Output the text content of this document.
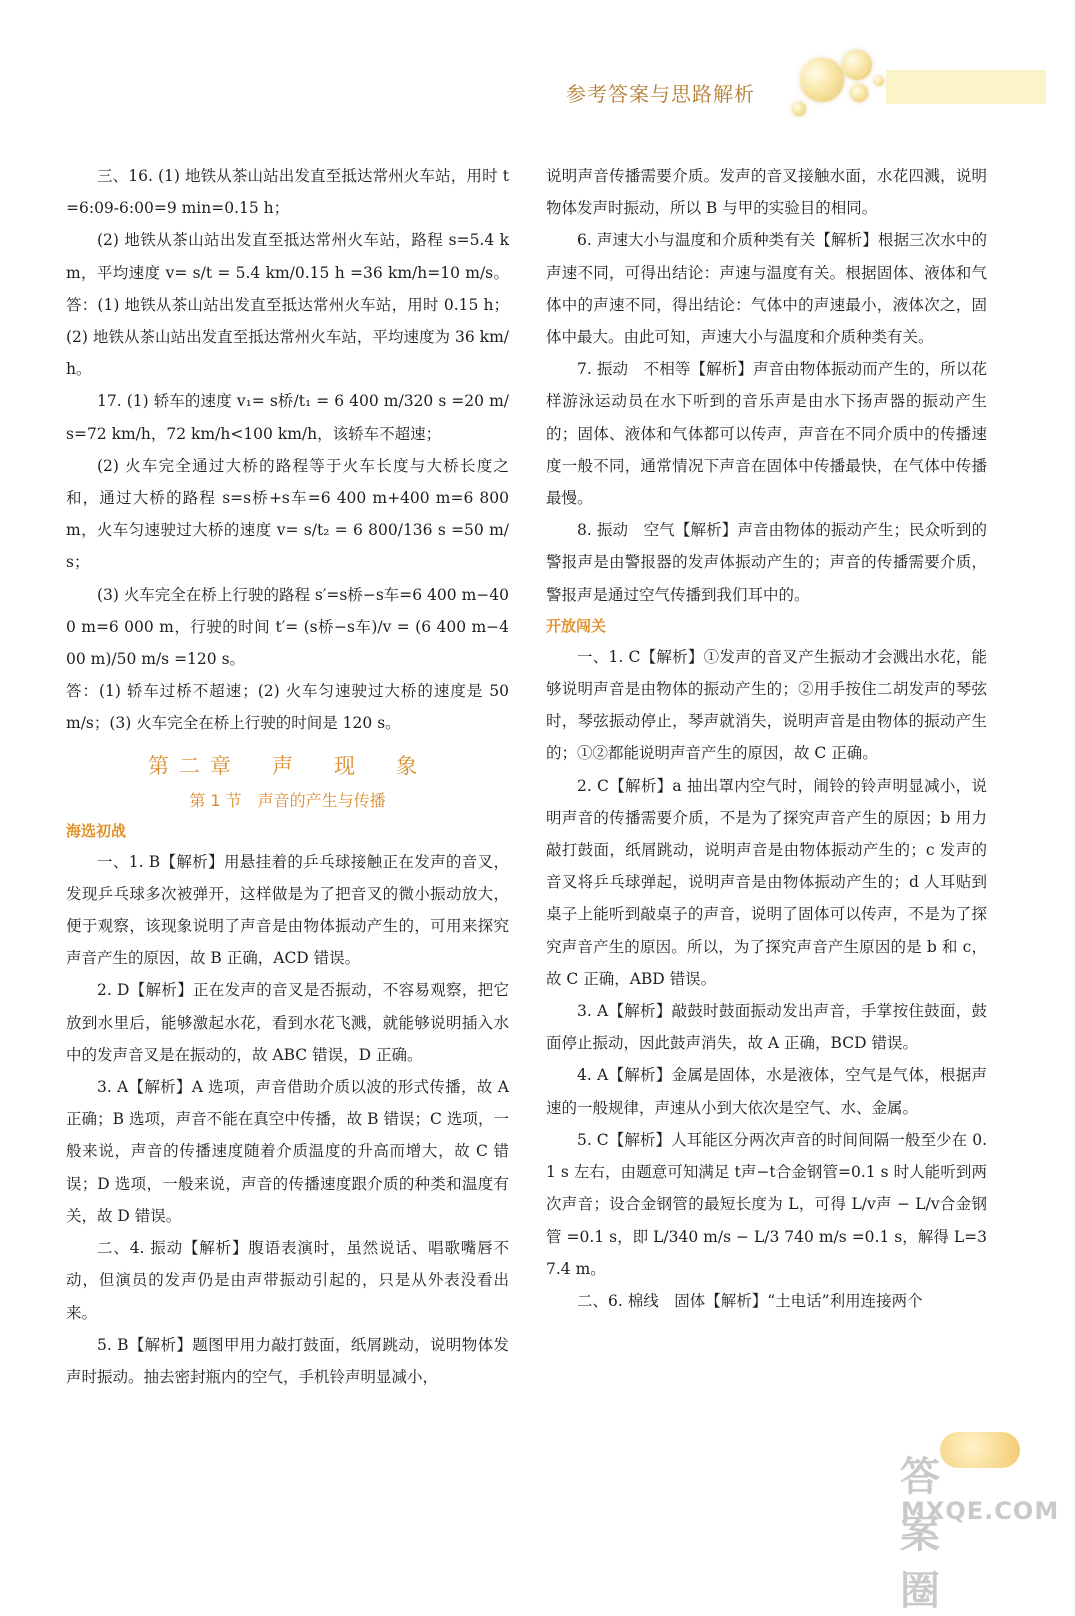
参考答案与思路解析

三、16. (1) 地铁从茶山站出发直至抵达常州火车站，用时 t=6:09-6:00=9 min=0.15 h；

(2) 地铁从茶山站出发直至抵达常州火车站，路程 s=5.4 km，平均速度 v= s/t = 5.4 km/0.15 h =36 km/h=10 m/s。答：(1) 地铁从茶山站出发直至抵达常州火车站，用时 0.15 h；(2) 地铁从茶山站出发直至抵达常州火车站，平均速度为 36 km/h。

17. (1) 轿车的速度 v₁= s桥/t₁ = 6 400 m/320 s =20 m/s=72 km/h，72 km/h<100 km/h，该轿车不超速；

(2) 火车完全通过大桥的路程等于火车长度与大桥长度之和，通过大桥的路程 s=s桥+s车=6 400 m+400 m=6 800 m，火车匀速驶过大桥的速度 v= s/t₂ = 6 800/136 s =50 m/s；

(3) 火车完全在桥上行驶的路程 s′=s桥−s车=6 400 m−400 m=6 000 m，行驶的时间 t′= (s桥−s车)/v = (6 400 m−400 m)/50 m/s =120 s。

答：(1) 轿车过桥不超速；(2) 火车匀速驶过大桥的速度是 50 m/s；(3) 火车完全在桥上行驶的时间是 120 s。

第二章　声　现　象
第 1 节　声音的产生与传播
海选初战

一、1. B【解析】用悬挂着的乒乓球接触正在发声的音叉，发现乒乓球多次被弹开，这样做是为了把音叉的微小振动放大，便于观察，该现象说明了声音是由物体振动产生的，可用来探究声音产生的原因，故 B 正确，ACD 错误。

2. D【解析】正在发声的音叉是否振动，不容易观察，把它放到水里后，能够激起水花，看到水花飞溅，就能够说明插入水中的发声音叉是在振动的，故 ABC 错误，D 正确。

3. A【解析】A 选项，声音借助介质以波的形式传播，故 A 正确；B 选项，声音不能在真空中传播，故 B 错误；C 选项，一般来说，声音的传播速度随着介质温度的升高而增大，故 C 错误；D 选项，一般来说，声音的传播速度跟介质的种类和温度有关，故 D 错误。

二、4. 振动【解析】腹语表演时，虽然说话、唱歌嘴唇不动，但演员的发声仍是由声带振动引起的，只是从外表没看出来。

5. B【解析】题图甲用力敲打鼓面，纸屑跳动，说明物体发声时振动。抽去密封瓶内的空气，手机铃声明显减小，

说明声音传播需要介质。发声的音叉接触水面，水花四溅，说明物体发声时振动，所以 B 与甲的实验目的相同。

6. 声速大小与温度和介质种类有关【解析】根据三次水中的声速不同，可得出结论：声速与温度有关。根据固体、液体和气体中的声速不同，得出结论：气体中的声速最小，液体次之，固体中最大。由此可知，声速大小与温度和介质种类有关。

7. 振动　不相等【解析】声音由物体振动而产生的，所以花样游泳运动员在水下听到的音乐声是由水下扬声器的振动产生的；固体、液体和气体都可以传声，声音在不同介质中的传播速度一般不同，通常情况下声音在固体中传播最快，在气体中传播最慢。

8. 振动　空气【解析】声音由物体的振动产生；民众听到的警报声是由警报器的发声体振动产生的；声音的传播需要介质，警报声是通过空气传播到我们耳中的。

开放闯关

一、1. C【解析】①发声的音叉产生振动才会溅出水花，能够说明声音是由物体的振动产生的；②用手按住二胡发声的琴弦时，琴弦振动停止，琴声就消失，说明声音是由物体的振动产生的；①②都能说明声音产生的原因，故 C 正确。

2. C【解析】a 抽出罩内空气时，闹铃的铃声明显减小，说明声音的传播需要介质，不是为了探究声音产生的原因；b 用力敲打鼓面，纸屑跳动，说明声音是由物体振动产生的；c 发声的音叉将乒乓球弹起，说明声音是由物体振动产生的；d 人耳贴到桌子上能听到敲桌子的声音，说明了固体可以传声，不是为了探究声音产生的原因。所以，为了探究声音产生原因的是 b 和 c，故 C 正确，ABD 错误。

3. A【解析】敲鼓时鼓面振动发出声音，手掌按住鼓面，鼓面停止振动，因此鼓声消失，故 A 正确，BCD 错误。

4. A【解析】金属是固体，水是液体，空气是气体，根据声速的一般规律，声速从小到大依次是空气、水、金属。

5. C【解析】人耳能区分两次声音的时间间隔一般至少在 0.1 s 左右，由题意可知满足 t声−t合金钢管=0.1 s 时人能听到两次声音；设合金钢管的最短长度为 L，可得 L/v声 − L/v合金钢管 =0.1 s，即 L/340 m/s − L/3 740 m/s =0.1 s，解得 L=37.4 m。

二、6. 棉线　固体【解析】“土电话”利用连接两个

答案圈
MXQE.COM
